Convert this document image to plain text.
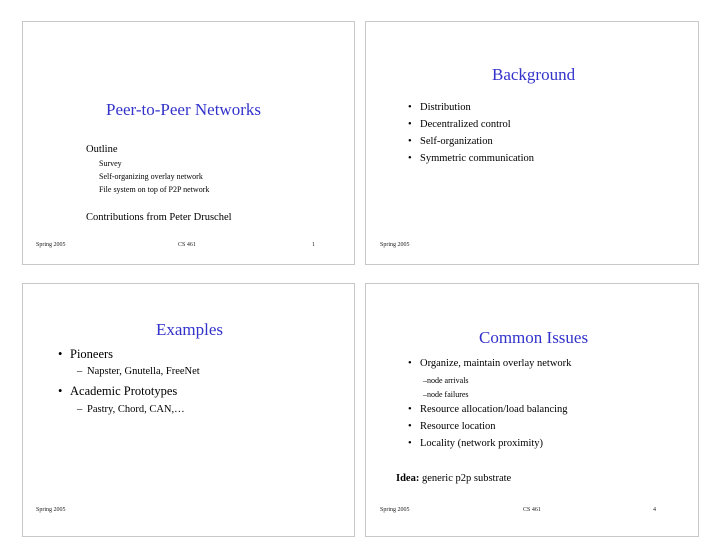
Peer-to-Peer Networks
Outline
Survey
Self-organizing overlay network
File system on top of P2P network
Contributions from Peter Druschel
Spring 2005	CS 461	1
Background
• Distribution
• Decentralized control
• Self-organization
• Symmetric communication
Spring 2005
Examples
• Pioneers
– Napster, Gnutella, FreeNet
• Academic Prototypes
– Pastry, Chord, CAN,…
Spring 2005
Common Issues
• Organize, maintain overlay network
–node arrivals
–node failures
• Resource allocation/load balancing
• Resource location
• Locality (network proximity)
Idea: generic p2p substrate
Spring 2005	CS 461	4
